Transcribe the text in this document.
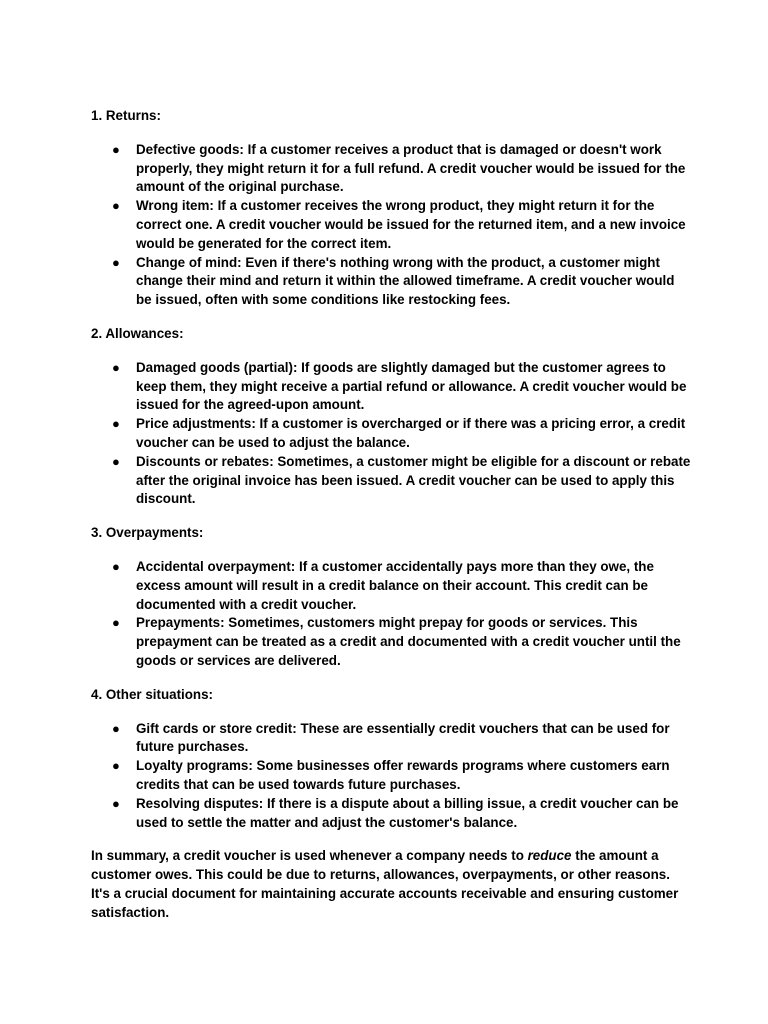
1. Returns:
● Defective goods: If a customer receives a product that is damaged or doesn't work properly, they might return it for a full refund. A credit voucher would be issued for the amount of the original purchase.
● Wrong item: If a customer receives the wrong product, they might return it for the correct one. A credit voucher would be issued for the returned item, and a new invoice would be generated for the correct item.
● Change of mind: Even if there's nothing wrong with the product, a customer might change their mind and return it within the allowed timeframe. A credit voucher would be issued, often with some conditions like restocking fees.
2. Allowances:
● Damaged goods (partial): If goods are slightly damaged but the customer agrees to keep them, they might receive a partial refund or allowance. A credit voucher would be issued for the agreed-upon amount.
● Price adjustments: If a customer is overcharged or if there was a pricing error, a credit voucher can be used to adjust the balance.
● Discounts or rebates: Sometimes, a customer might be eligible for a discount or rebate after the original invoice has been issued. A credit voucher can be used to apply this discount.
3. Overpayments:
● Accidental overpayment: If a customer accidentally pays more than they owe, the excess amount will result in a credit balance on their account. This credit can be documented with a credit voucher.
● Prepayments: Sometimes, customers might prepay for goods or services. This prepayment can be treated as a credit and documented with a credit voucher until the goods or services are delivered.
4. Other situations:
● Gift cards or store credit: These are essentially credit vouchers that can be used for future purchases.
● Loyalty programs: Some businesses offer rewards programs where customers earn credits that can be used towards future purchases.
● Resolving disputes: If there is a dispute about a billing issue, a credit voucher can be used to settle the matter and adjust the customer's balance.

In summary, a credit voucher is used whenever a company needs to reduce the amount a customer owes. This could be due to returns, allowances, overpayments, or other reasons. It's a crucial document for maintaining accurate accounts receivable and ensuring customer satisfaction.
